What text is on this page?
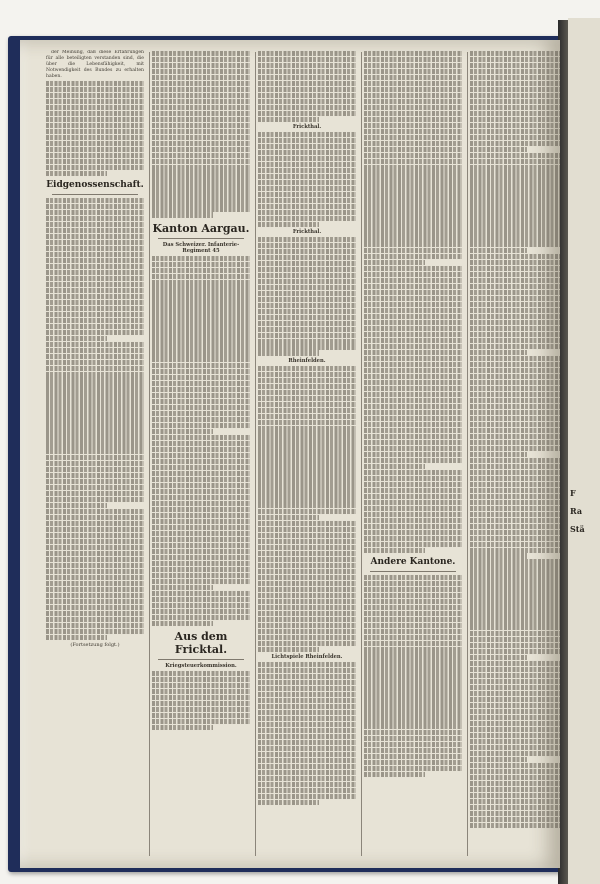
F
Ra
Stä

der Meinung, daß diese Erfahrungen für alle beteiligten verstanden sind, die über die Lebensfähigkeit, mit Notwendigkeit des Bundes zu erhalten haben.

Eidgenossenschaft.
(Fortsetzung folgt.)
Kanton Aargau.
Das Schweizer. Infanterie-Regiment 45
Aus dem Fricktal.
Kriegsteuerkommission.
Frickthal.
Frickthal.
Rheinfelden.
Lichtspiele Rheinfelden.
Andere Kantone.
